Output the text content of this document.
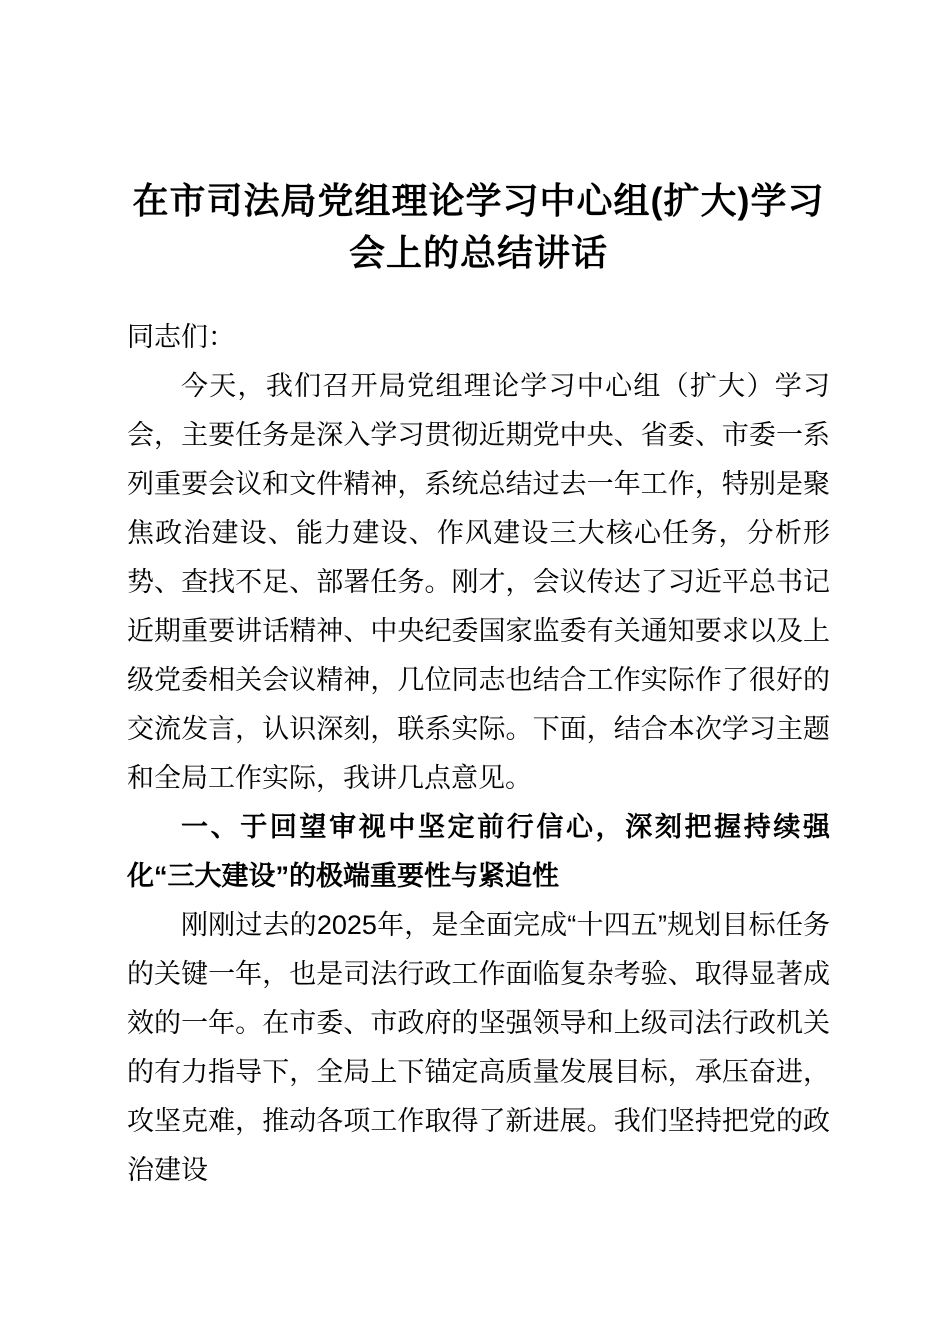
在市司法局党组理论学习中心组(扩大)学习会上的总结讲话

同志们：

今天，我们召开局党组理论学习中心组（扩大）学习会，主要任务是深入学习贯彻近期党中央、省委、市委一系列重要会议和文件精神，系统总结过去一年工作，特别是聚焦政治建设、能力建设、作风建设三大核心任务，分析形势、查找不足、部署任务。刚才，会议传达了习近平总书记近期重要讲话精神、中央纪委国家监委有关通知要求以及上级党委相关会议精神，几位同志也结合工作实际作了很好的交流发言，认识深刻，联系实际。下面，结合本次学习主题和全局工作实际，我讲几点意见。

一、于回望审视中坚定前行信心，深刻把握持续强化“三大建设”的极端重要性与紧迫性

刚刚过去的2025年，是全面完成“十四五”规划目标任务的关键一年，也是司法行政工作面临复杂考验、取得显著成效的一年。在市委、市政府的坚强领导和上级司法行政机关的有力指导下，全局上下锚定高质量发展目标，承压奋进，攻坚克难，推动各项工作取得了新进展。我们坚持把党的政治建设
